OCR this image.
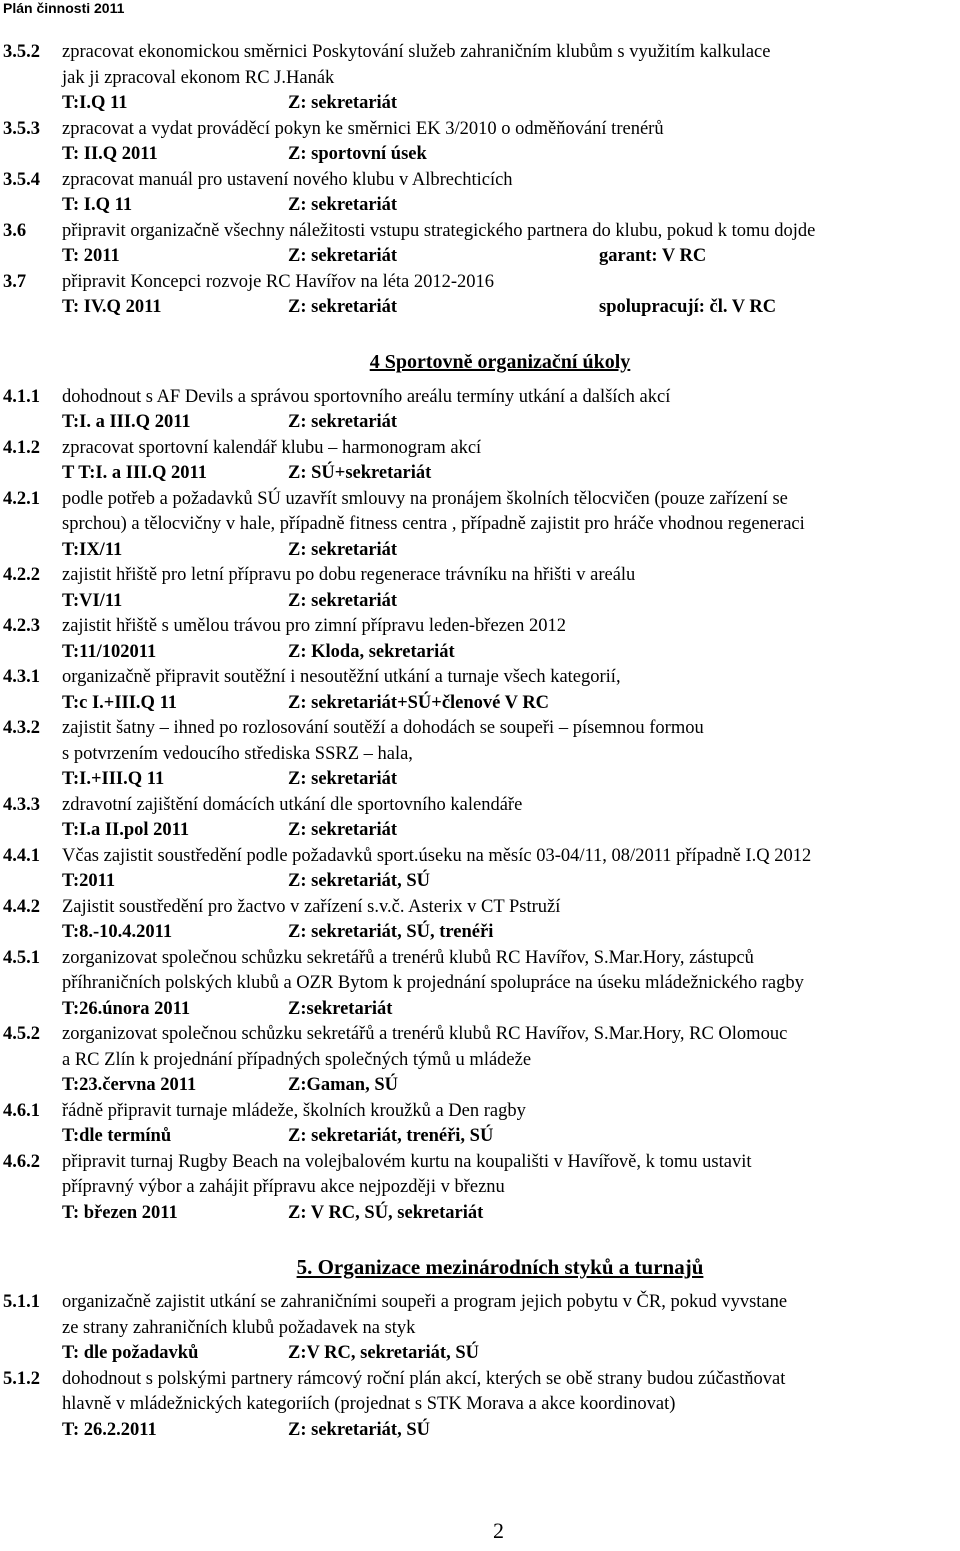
Plán činnosti 2011
3.5.2 zpracovat ekonomickou směrnici Poskytování služeb zahraničním klubům s využitím kalkulace
jak ji zpracoval ekonom RC J.Hanák
T:I.Q 11	Z: sekretariát
3.5.3 zpracovat a vydat prováděcí pokyn ke směrnici EK 3/2010 o odměňování trenérů
T: II.Q 2011	Z: sportovní úsek
3.5.4 zpracovat manuál pro ustavení nového klubu v Albrechticích
T: I.Q 11	Z: sekretariát
3.6 připravit organizačně všechny náležitosti vstupu strategického partnera do klubu, pokud k tomu dojde
T: 2011	Z: sekretariát	garant: V RC
3.7 připravit Koncepci rozvoje RC Havířov na léta 2012-2016
T: IV.Q 2011	Z: sekretariát	spolupracují: čl. V RC
4 Sportovně organizační úkoly
4.1.1 dohodnout s AF Devils a správou sportovního areálu termíny utkání a dalších akcí
T:I. a III.Q 2011	Z: sekretariát
4.1.2 zpracovat sportovní kalendář klubu – harmonogram akcí
T T:I. a III.Q 2011	Z: SÚ+sekretariát
4.2.1 podle potřeb a požadavků SÚ uzavřít smlouvy na pronájem školních tělocvičen (pouze zařízení se
sprchou) a tělocvičny v hale, případně fitness centra , případně zajistit pro hráče vhodnou regeneraci
T:IX/11	Z: sekretariát
4.2.2 zajistit hřiště pro letní přípravu po dobu regenerace trávníku na hřišti v areálu
T:VI/11	Z: sekretariát
4.2.3 zajistit hřiště s umělou trávou pro zimní přípravu leden-březen 2012
T:11/102011	Z: Kloda, sekretariát
4.3.1 organizačně připravit soutěžní i nesoutěžní utkání a turnaje všech kategorií,
T:c I.+III.Q 11	Z: sekretariát+SÚ+členové V RC
4.3.2 zajistit šatny – ihned po rozlosování soutěží a dohodách se soupeři – písemnou formou
s potvrzením vedoucího střediska SSRZ – hala,
T:I.+III.Q 11	Z: sekretariát
4.3.3 zdravotní zajištění domácích utkání dle sportovního kalendáře
T:I.a II.pol 2011	Z: sekretariát
4.4.1 Včas zajistit soustředění podle požadavků sport.úseku na měsíc 03-04/11, 08/2011 případně I.Q 2012
T:2011	Z: sekretariát, SÚ
4.4.2 Zajistit soustředění pro žactvo v zařízení s.v.č. Asterix v CT Pstruží
T:8.-10.4.2011	Z: sekretariát, SÚ, trenéři
4.5.1 zorganizovat společnou schůzku sekretářů a trenérů klubů RC Havířov, S.Mar.Hory, zástupců
příhraničních polských klubů a OZR Bytom k projednání spolupráce na úseku mládežnického ragby
T:26.února 2011	Z:sekretariát
4.5.2 zorganizovat společnou schůzku sekretářů a trenérů klubů RC Havířov, S.Mar.Hory, RC Olomouc
a RC Zlín k projednání případných společných týmů u mládeže
T:23.června 2011	Z:Gaman, SÚ
4.6.1 řádně připravit turnaje mládeže, školních kroužků a Den ragby
T:dle termínů	Z: sekretariát, trenéři, SÚ
4.6.2 připravit turnaj Rugby Beach na volejbalovém kurtu na koupališti v Havířově, k tomu ustavit
přípravný výbor a zahájit přípravu akce nejpozději v březnu
T: březen 2011	Z: V RC, SÚ, sekretariát
5. Organizace mezinárodních styků a turnajů
5.1.1 organizačně zajistit utkání se zahraničními soupeři a program jejich pobytu v ČR, pokud vyvstane
ze strany zahraničních klubů požadavek na styk
T: dle požadavků	Z:V RC, sekretariát, SÚ
5.1.2 dohodnout s polskými partnery rámcový roční plán akcí, kterých se obě strany budou zúčastňovat
hlavně v mládežnických kategoriích (projednat s STK Morava a akce koordinovat)
T: 26.2.2011	Z: sekretariát, SÚ
2
